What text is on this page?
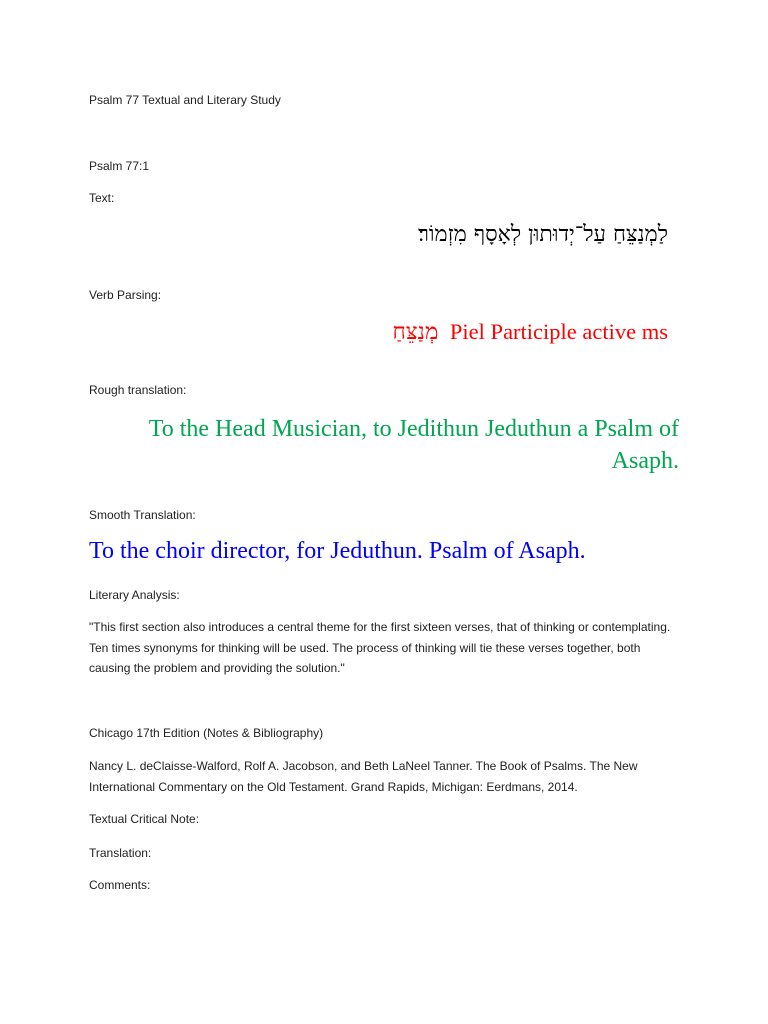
Psalm 77 Textual and Literary Study
Psalm 77:1
Text:
לַמְנַצֵּחַ עַל־יְדוּתוּן לְאָסָף מִזְמוֹר׃
Verb Parsing:
מְנַצֵּחַ Piel Participle active ms
Rough translation:
To the Head Musician, to Jedithun Jeduthun a Psalm of Asaph.
Smooth Translation:
To the choir director, for Jeduthun. Psalm of Asaph.
Literary Analysis:
"This first section also introduces a central theme for the first sixteen verses, that of thinking or contemplating. Ten times synonyms for thinking will be used. The process of thinking will tie these verses together, both causing the problem and providing the solution."
Chicago 17th Edition (Notes & Bibliography)
Nancy L. deClaisse-Walford, Rolf A. Jacobson, and Beth LaNeel Tanner. The Book of Psalms. The New International Commentary on the Old Testament. Grand Rapids, Michigan: Eerdmans, 2014.
Textual Critical Note:
Translation:
Comments:
